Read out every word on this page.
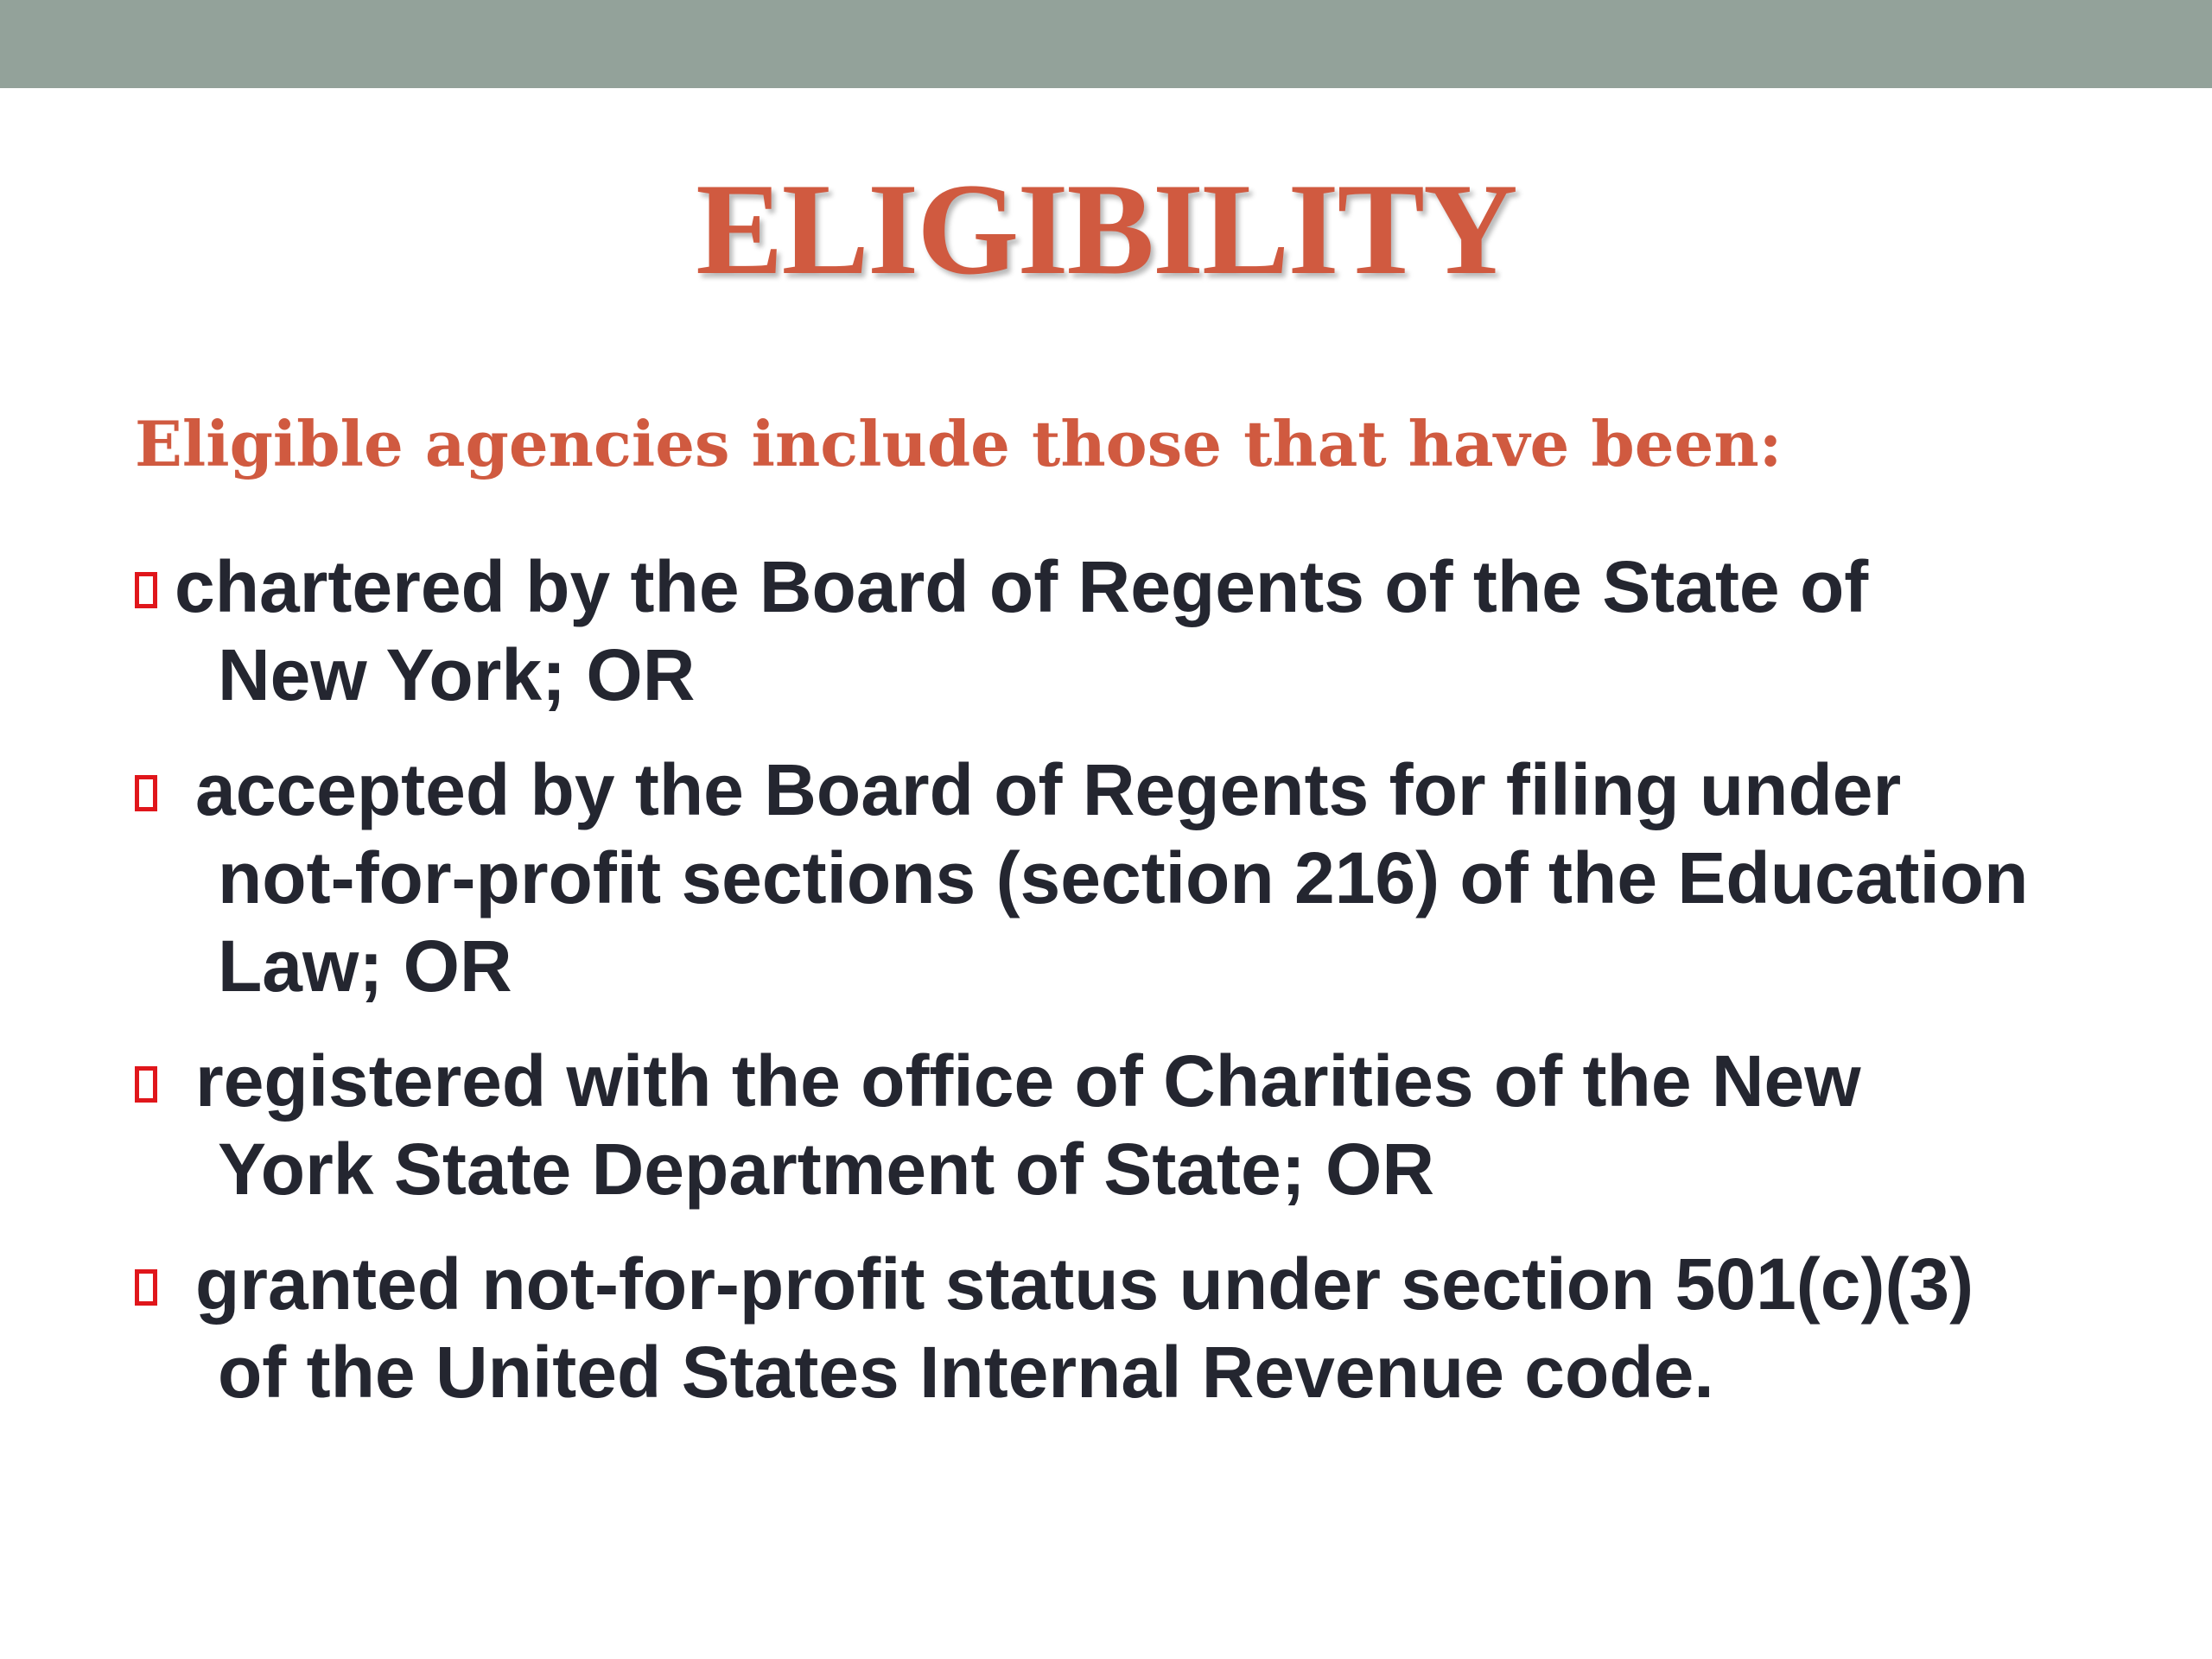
ELIGIBILITY
Eligible agencies include those that have been:
chartered by the Board of Regents of the State of
New York; OR
accepted by the Board of Regents for filing under
not-for-profit sections (section 216) of the Education Law; OR
registered with the office of Charities of the New
York State Department of State; OR
granted not-for-profit status under section 501(c)(3)
of the United States Internal Revenue code.
